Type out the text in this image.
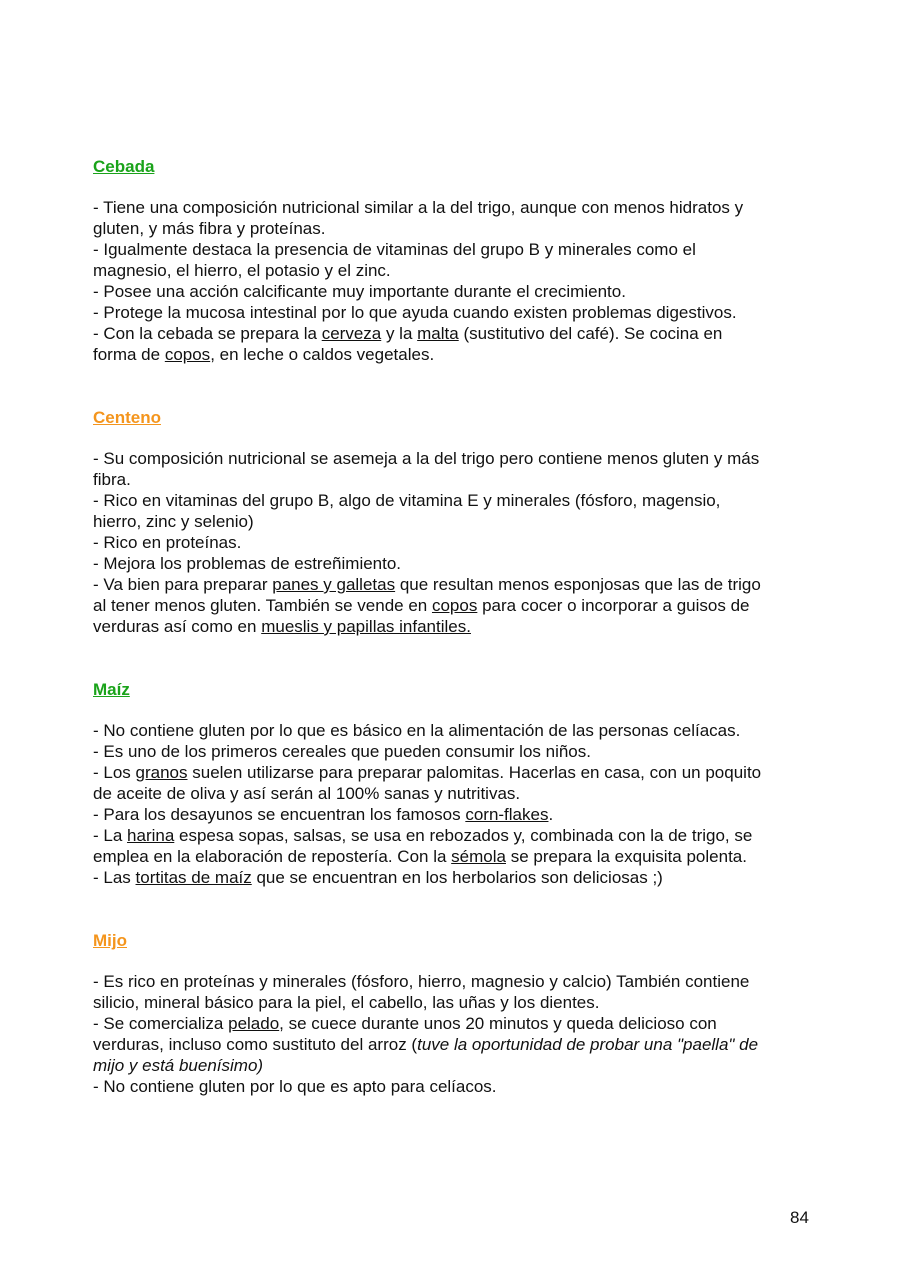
Cebada

- Tiene una composición nutricional similar a la del trigo, aunque con menos hidratos y

gluten, y más fibra y proteínas.

- Igualmente destaca la presencia de vitaminas del grupo B y minerales como el

magnesio, el hierro, el potasio y el zinc.

- Posee una acción calcificante muy importante durante el crecimiento.

- Protege la mucosa intestinal por lo que ayuda cuando existen problemas digestivos.

- Con la cebada se prepara la cerveza y la malta (sustitutivo del café). Se cocina en

forma de copos, en leche o caldos vegetales.

Centeno

- Su composición nutricional se asemeja a la del trigo pero contiene menos gluten y más

fibra.

- Rico en vitaminas del grupo B, algo de vitamina E y minerales (fósforo, magensio,

hierro, zinc y selenio)

- Rico en proteínas.

- Mejora los problemas de estreñimiento.

- Va bien para preparar panes y galletas que resultan menos esponjosas que las de trigo

al tener menos gluten. También se vende en copos para cocer o incorporar a guisos de

verduras así como en mueslis y papillas infantiles.

Maíz

- No contiene gluten por lo que es básico en la alimentación de las personas celíacas.

- Es uno de los primeros cereales que pueden consumir los niños.

- Los granos suelen utilizarse para preparar palomitas. Hacerlas en casa, con un poquito

de aceite de oliva y así serán al 100% sanas y nutritivas.

- Para los desayunos se encuentran los famosos corn-flakes.

- La harina espesa sopas, salsas, se usa en rebozados y, combinada con la de trigo, se

emplea en la elaboración de repostería. Con la sémola se prepara la exquisita polenta.

- Las tortitas de maíz que se encuentran en los herbolarios son deliciosas ;)

Mijo

- Es rico en proteínas y minerales (fósforo, hierro, magnesio y calcio) También contiene

silicio, mineral básico para la piel, el cabello, las uñas y los dientes.

- Se comercializa pelado, se cuece durante unos 20 minutos y queda delicioso con

verduras, incluso como sustituto del arroz (tuve la oportunidad de probar una "paella" de

mijo y está buenísimo)

- No contiene gluten por lo que es apto para celíacos.

84
